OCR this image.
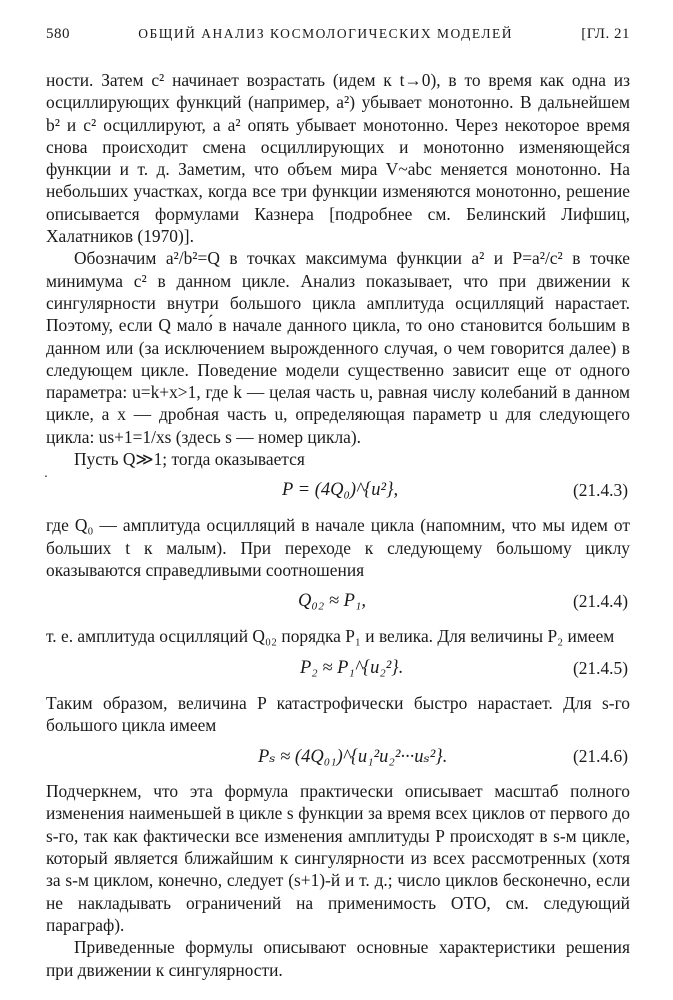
580	ОБЩИЙ АНАЛИЗ КОСМОЛОГИЧЕСКИХ МОДЕЛЕЙ	[ГЛ. 21

ности. Затем c² начинает возрастать (идем к t→0), в то время как одна из осциллирующих функций (например, a²) убывает монотонно. В дальнейшем b² и c² осциллируют, а a² опять убывает монотонно. Через некоторое время снова происходит смена осциллирующих и монотонно изменяющейся функции и т. д. Заметим, что объем мира V~abc меняется монотонно. На небольших участках, когда все три функции изменяются монотонно, решение описывается формулами Казнера [подробнее см. Белинский Лифшиц, Халатников (1970)].

Обозначим a²/b²=Q в точках максимума функции a² и P=a²/c² в точке минимума c² в данном цикле. Анализ показывает, что при движении к сингулярности внутри большого цикла амплитуда осцилляций нарастает. Поэтому, если Q мало́ в начале данного цикла, то оно становится большим в данном или (за исключением вырожденного случая, о чем говорится далее) в следующем цикле. Поведение модели существенно зависит еще от одного параметра: u=k+x>1, где k — целая часть u, равная числу колебаний в данном цикле, а x — дробная часть u, определяющая параметр u для следующего цикла: us+1=1/xs (здесь s — номер цикла).

Пусть Q≫1; тогда оказывается

·
P = (4Q₀)^{u²},	(21.4.3)

где Q₀ — амплитуда осцилляций в начале цикла (напомним, что мы идем от больших t к малым). При переходе к следующему большому циклу оказываются справедливыми соотношения

Q₀₂ ≈ P₁,	(21.4.4)

т. е. амплитуда осцилляций Q₀₂ порядка P₁ и велика. Для величины P₂ имеем

P₂ ≈ P₁^{u₂²}.	(21.4.5)

Таким образом, величина P катастрофически быстро нарастает. Для s-го большого цикла имеем

Pₛ ≈ (4Q₀₁)^{u₁²u₂²···uₛ²}.	(21.4.6)

Подчеркнем, что эта формула практически описывает масштаб полного изменения наименьшей в цикле s функции за время всех циклов от первого до s-го, так как фактически все изменения амплитуды P происходят в s-м цикле, который является ближайшим к сингулярности из всех рассмотренных (хотя за s-м циклом, конечно, следует (s+1)-й и т. д.; число циклов бесконечно, если не накладывать ограничений на применимость ОТО, см. следующий параграф).

Приведенные формулы описывают основные характеристики решения при движении к сингулярности.
